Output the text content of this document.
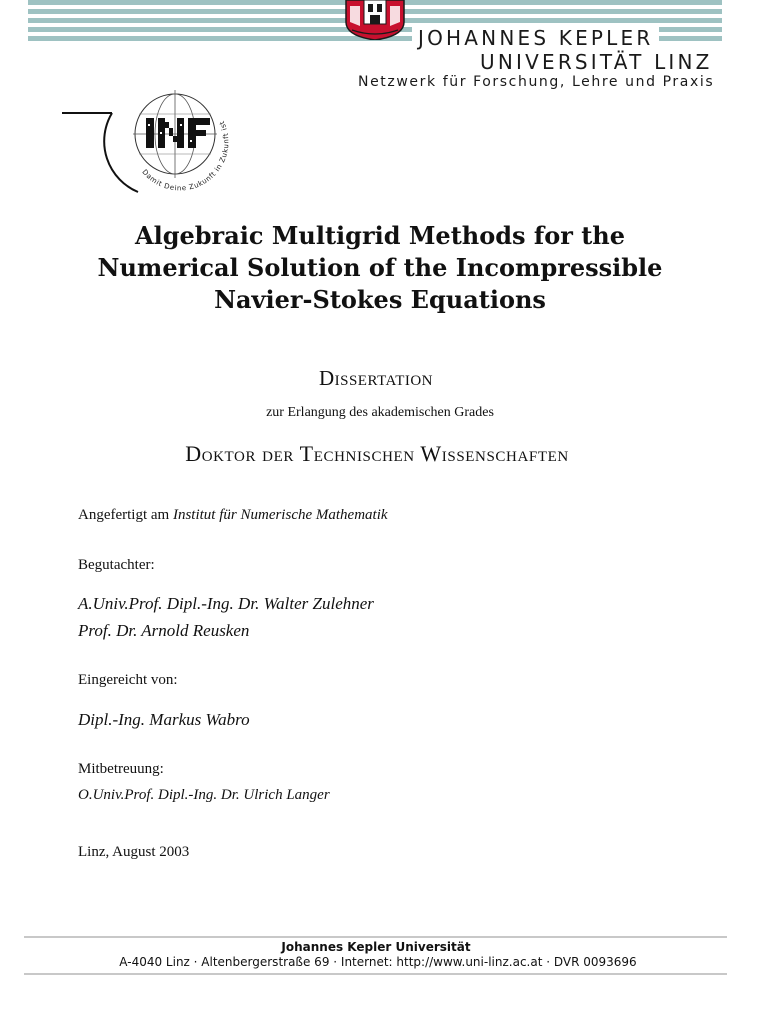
JOHANNES KEPLER
UNIVERSITÄT LINZ
Netzwerk für Forschung, Lehre und Praxis
Damit Deine Zukunft in Zukunft ist
Algebraic Multigrid Methods for the
Numerical Solution of the Incompressible
Navier-Stokes Equations
Dissertation
zur Erlangung des akademischen Grades
Doktor der Technischen Wissenschaften
Angefertigt am Institut für Numerische Mathematik
Begutachter:
A.Univ.Prof. Dipl.-Ing. Dr. Walter Zulehner
Prof. Dr. Arnold Reusken
Eingereicht von:
Dipl.-Ing. Markus Wabro
Mitbetreuung:
O.Univ.Prof. Dipl.-Ing. Dr. Ulrich Langer
Linz, August 2003
Johannes Kepler Universität
A-4040 Linz · Altenbergerstraße 69 · Internet: http://www.uni-linz.ac.at · DVR 0093696
